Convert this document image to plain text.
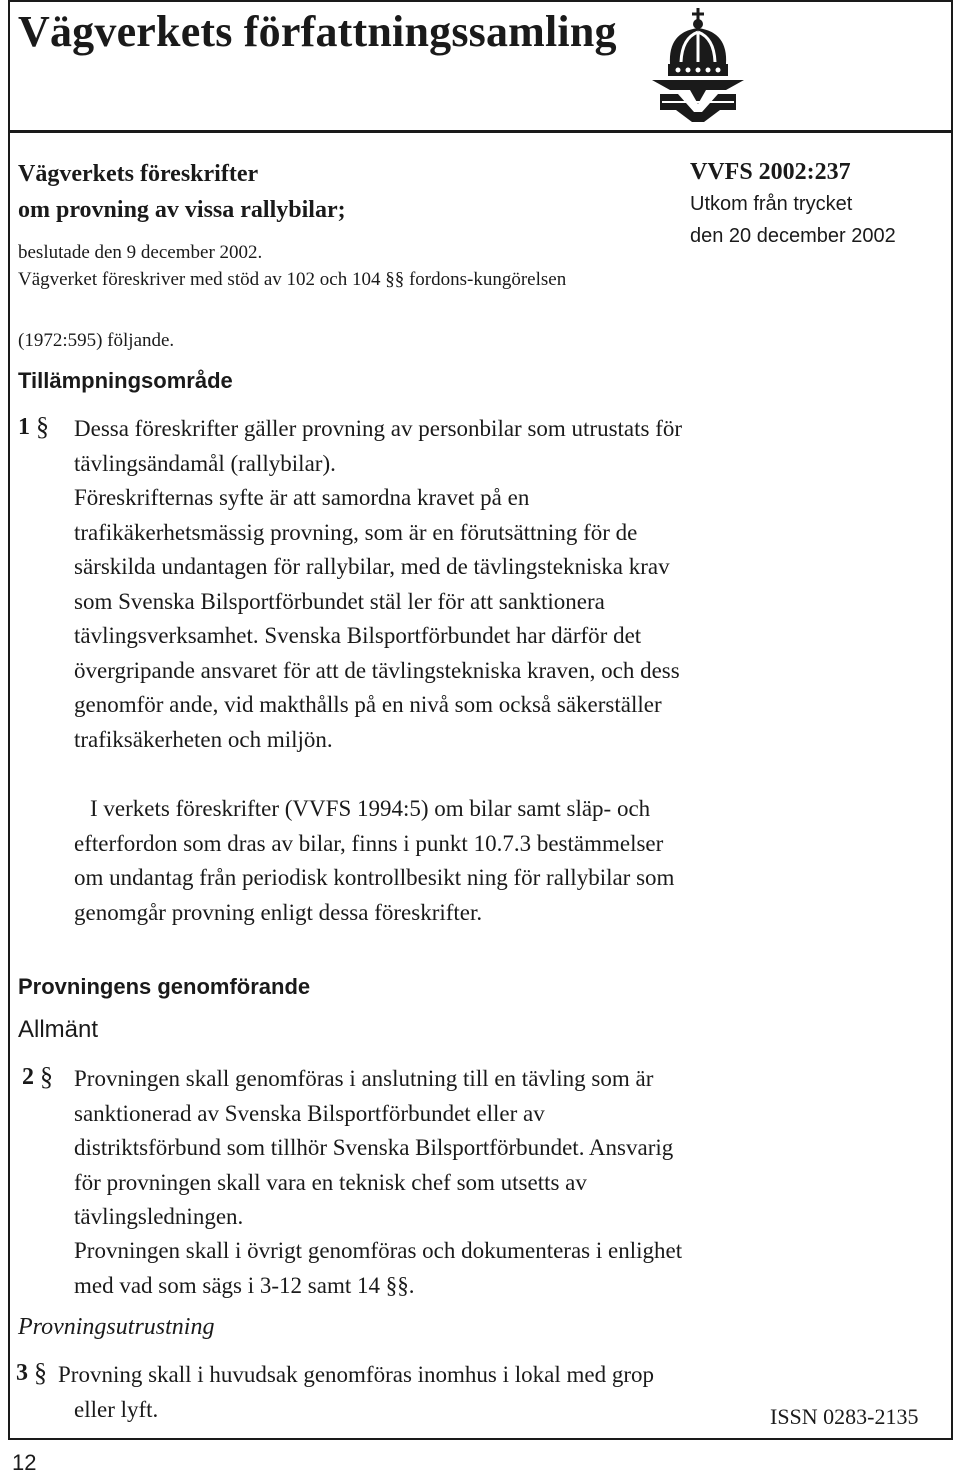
Vägverkets författningssamling
Vägverkets föreskrifter
om provning av vissa rallybilar;

beslutade den 9 december 2002.

Vägverket föreskriver med stöd av 102 och 104 §§ fordons-kungörelsen

(1972:595) följande.

VVFS 2002:237
Utkom från trycket
den 20 december 2002
Tillämpningsområde
1 § Dessa föreskrifter gäller provning av personbilar som utrustats för tävlingsändamål (rallybilar).

Föreskrifternas syfte är att samordna kravet på en trafikäkerhetsmässig provning, som är en förutsättning för de särskilda undantagen för rallybilar, med de tävlingstekniska krav som Svenska Bilsportförbundet stäl ler för att sanktionera tävlingsverksamhet. Svenska Bilsportförbundet har därför det övergripande ansvaret för att de tävlingstekniska kraven, och dess genomför ande, vid makthålls på en nivå som också säkerställer trafiksäkerheten och miljön.

I verkets föreskrifter (VVFS 1994:5) om bilar samt släp- och efterfordon som dras av bilar, finns i punkt 10.7.3 bestämmelser om undantag från periodisk kontrollbesikt ning för rallybilar som genomgår provning enligt dessa föreskrifter.

Provningens genomförande

Allmänt

2 § Provningen skall genomföras i anslutning till en tävling som är sanktionerad av Svenska Bilsportförbundet eller av distriktsförbund som tillhör Svenska Bilsportförbundet. Ansvarig för provningen skall vara en teknisk chef som utsetts av tävlingsledningen.

Provningen skall i övrigt genomföras och dokumenteras i enlighet med vad som sägs i 3-12 samt 14 §§.

Provningsutrustning

3 § Provning skall i huvudsak genomföras inomhus i lokal med grop eller lyft.	ISSN 0283-2135
12
